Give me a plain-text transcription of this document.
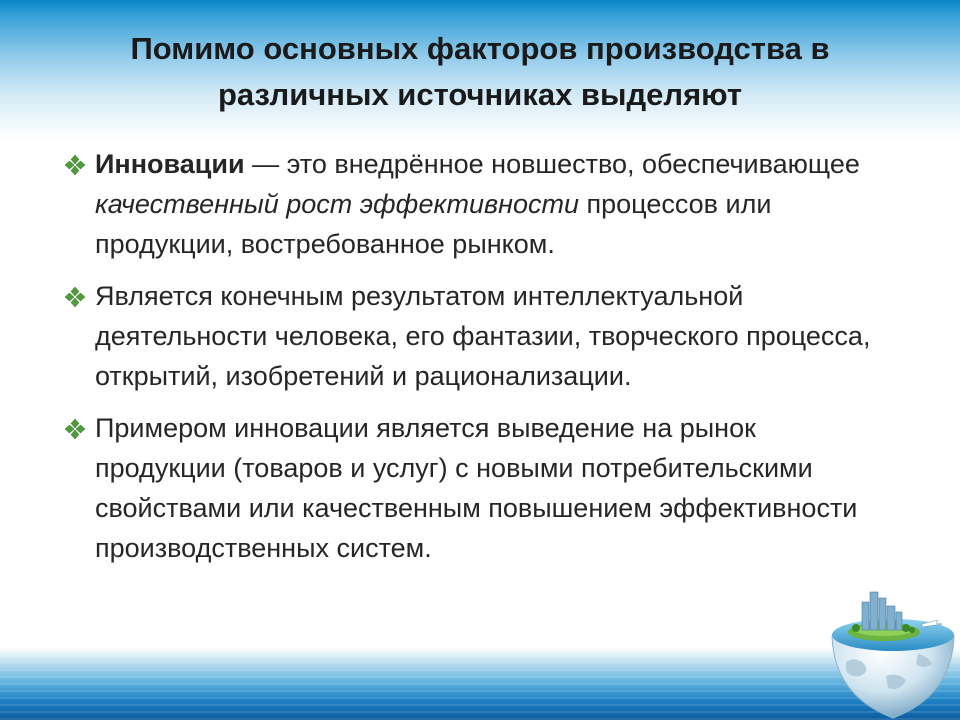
Помимо основных факторов производства в
различных источниках выделяют
Инновации — это внедрённое новшество, обеспечивающее качественный рост эффективности процессов или продукции, востребованное рынком.
Является конечным результатом интеллектуальной деятельности человека, его фантазии, творческого процесса, открытий, изобретений и рационализации.
Примером инновации является выведение на рынок продукции (товаров и услуг) с новыми потребительскими свойствами или качественным повышением эффективности производственных систем.
